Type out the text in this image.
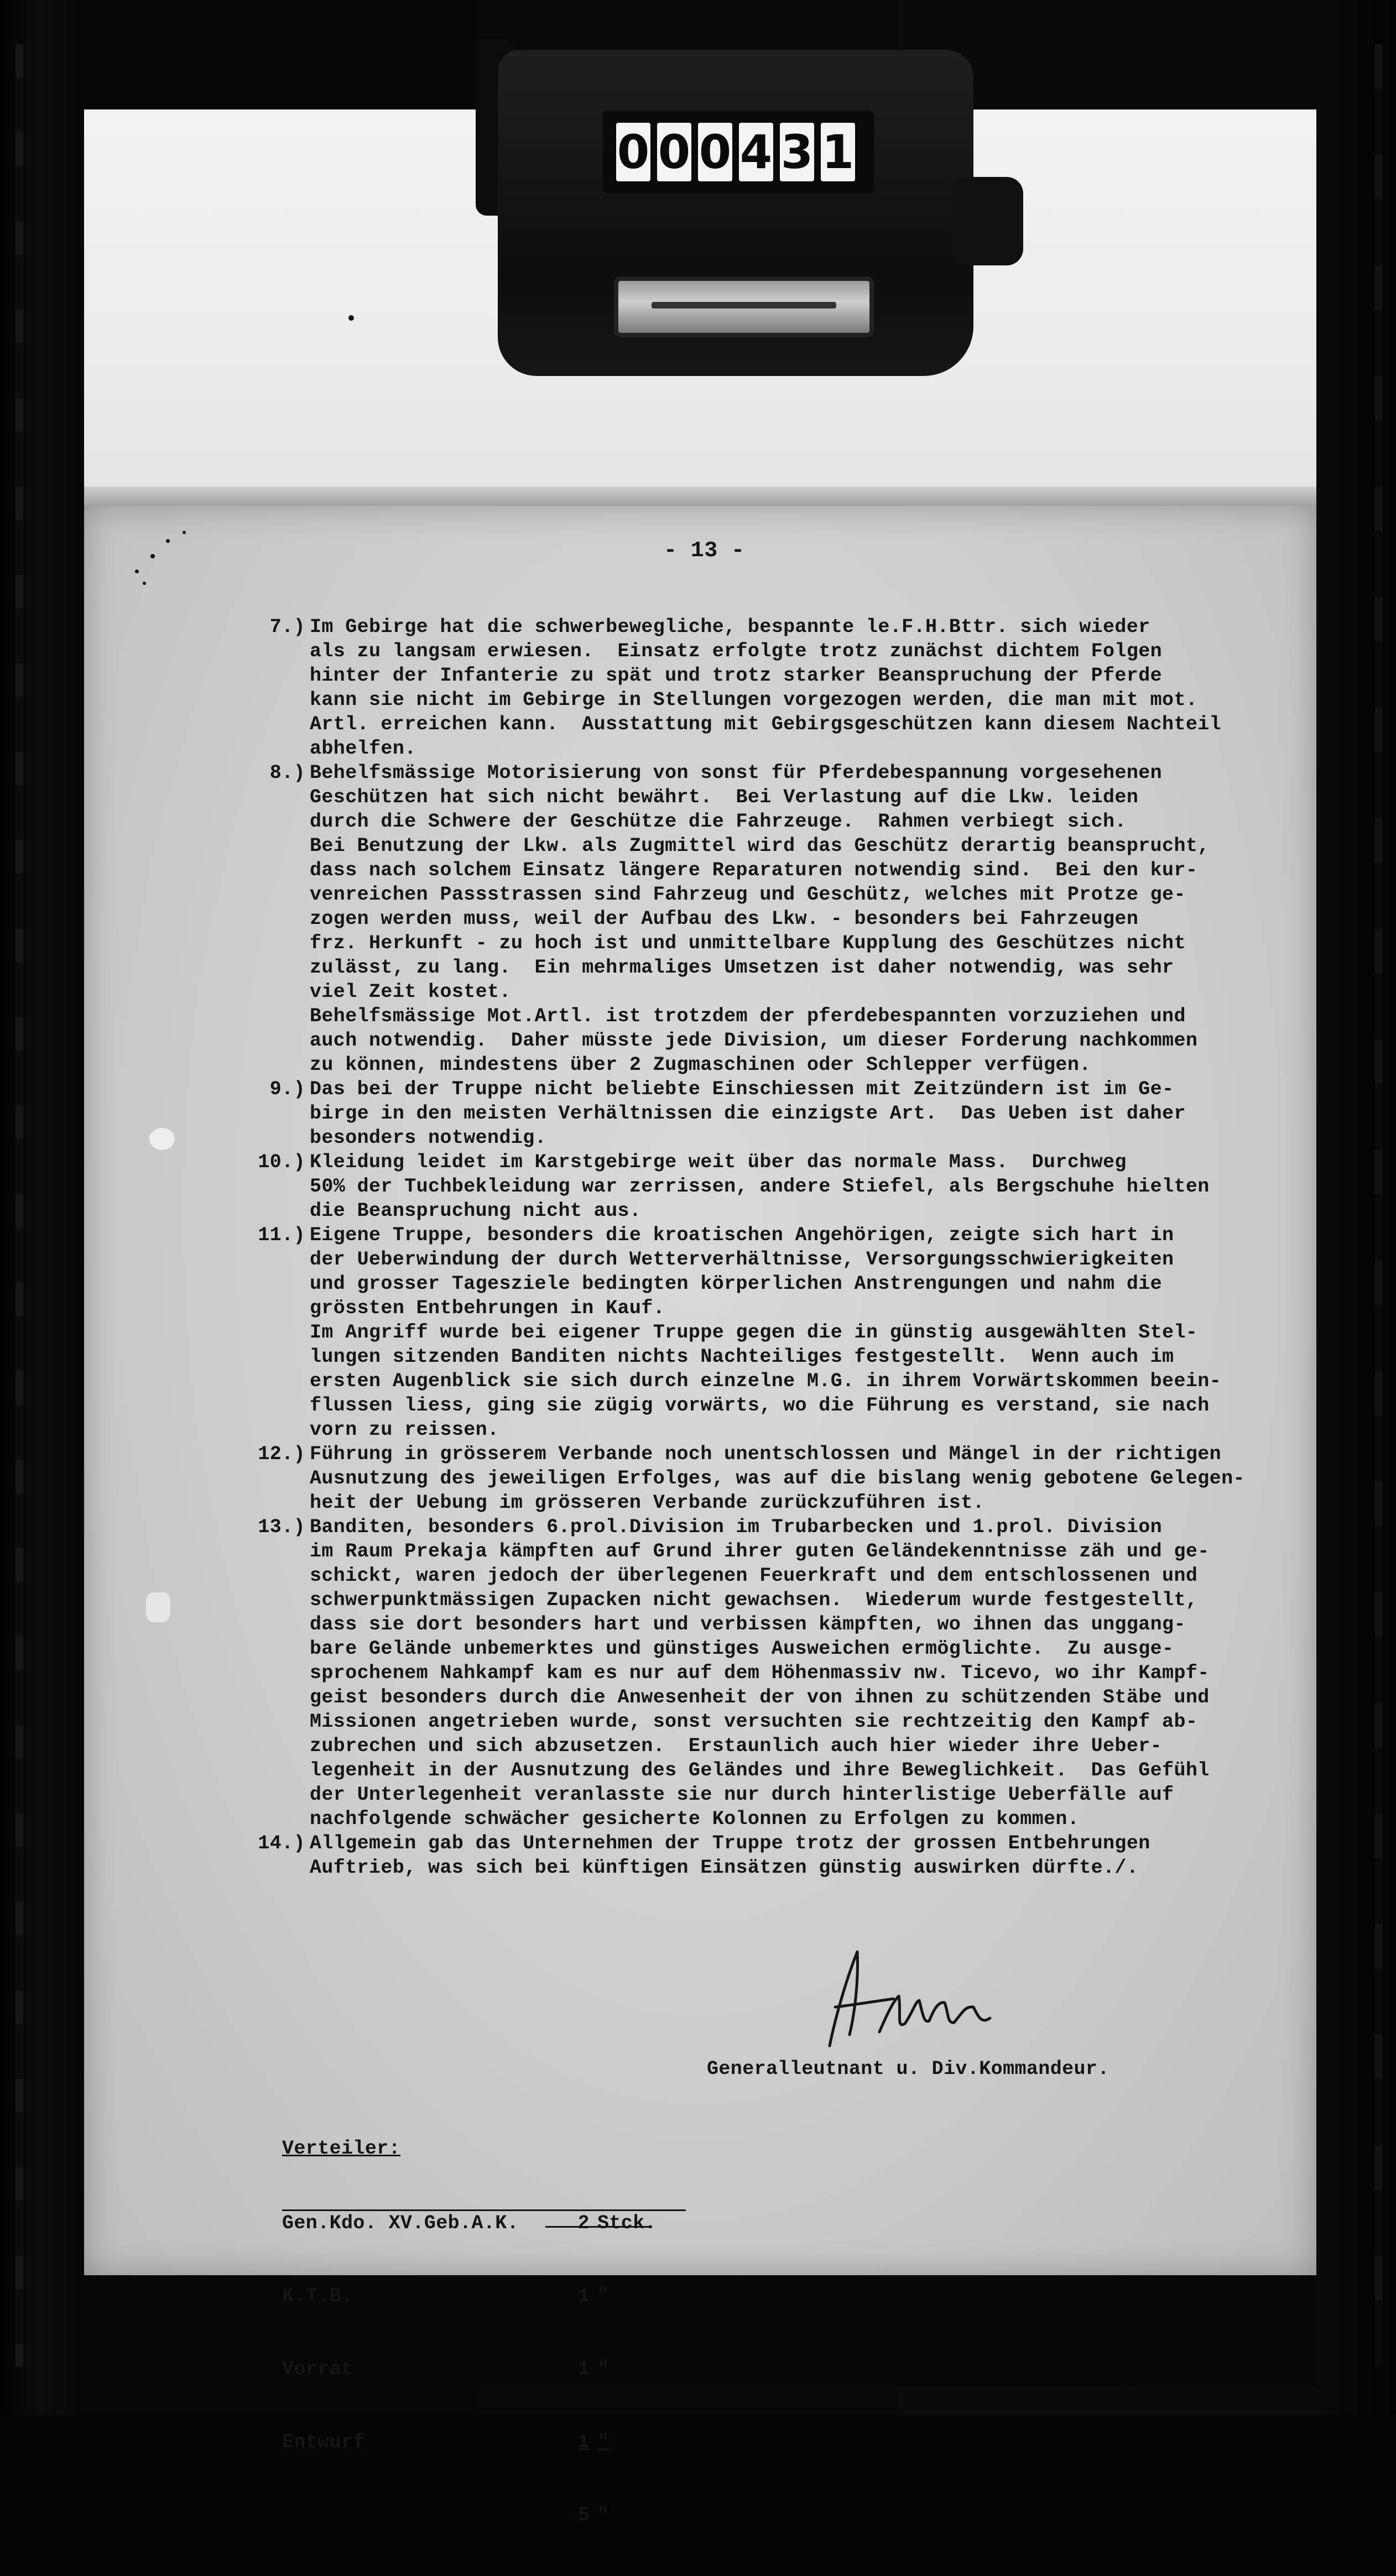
0 0 0 4 3 1
- 13 -
7.) Im Gebirge hat die schwerbewegliche, bespannte le.F.H.Bttr. sich wieder
als zu langsam erwiesen.  Einsatz erfolgte trotz zunächst dichtem Folgen
hinter der Infanterie zu spät und trotz starker Beanspruchung der Pferde
kann sie nicht im Gebirge in Stellungen vorgezogen werden, die man mit mot.
Artl. erreichen kann.  Ausstattung mit Gebirgsgeschützen kann diesem Nachteil
abhelfen.
8.) Behelfsmässige Motorisierung von sonst für Pferdebespannung vorgesehenen
Geschützen hat sich nicht bewährt.  Bei Verlastung auf die Lkw. leiden
durch die Schwere der Geschütze die Fahrzeuge.  Rahmen verbiegt sich.
Bei Benutzung der Lkw. als Zugmittel wird das Geschütz derartig beansprucht,
dass nach solchem Einsatz längere Reparaturen notwendig sind.  Bei den kur-
venreichen Passstrassen sind Fahrzeug und Geschütz, welches mit Protze ge-
zogen werden muss, weil der Aufbau des Lkw. - besonders bei Fahrzeugen
frz. Herkunft - zu hoch ist und unmittelbare Kupplung des Geschützes nicht
zulässt, zu lang.  Ein mehrmaliges Umsetzen ist daher notwendig, was sehr
viel Zeit kostet.
Behelfsmässige Mot.Artl. ist trotzdem der pferdebespannten vorzuziehen und
auch notwendig.  Daher müsste jede Division, um dieser Forderung nachkommen
zu können, mindestens über 2 Zugmaschinen oder Schlepper verfügen.
9.) Das bei der Truppe nicht beliebte Einschiessen mit Zeitzündern ist im Ge-
birge in den meisten Verhältnissen die einzigste Art.  Das Ueben ist daher
besonders notwendig.
10.) Kleidung leidet im Karstgebirge weit über das normale Mass.  Durchweg
50% der Tuchbekleidung war zerrissen, andere Stiefel, als Bergschuhe hielten
die Beanspruchung nicht aus.
11.) Eigene Truppe, besonders die kroatischen Angehörigen, zeigte sich hart in
der Ueberwindung der durch Wetterverhältnisse, Versorgungsschwierigkeiten
und grosser Tagesziele bedingten körperlichen Anstrengungen und nahm die
grössten Entbehrungen in Kauf.
Im Angriff wurde bei eigener Truppe gegen die in günstig ausgewählten Stel-
lungen sitzenden Banditen nichts Nachteiliges festgestellt.  Wenn auch im
ersten Augenblick sie sich durch einzelne M.G. in ihrem Vorwärtskommen beein-
flussen liess, ging sie zügig vorwärts, wo die Führung es verstand, sie nach
vorn zu reissen.
12.) Führung in grösserem Verbande noch unentschlossen und Mängel in der richtigen
Ausnutzung des jeweiligen Erfolges, was auf die bislang wenig gebotene Gelegen-
heit der Uebung im grösseren Verbande zurückzuführen ist.
13.) Banditen, besonders 6.prol.Division im Trubarbecken und 1.prol. Division
im Raum Prekaja kämpften auf Grund ihrer guten Geländekenntnisse zäh und ge-
schickt, waren jedoch der überlegenen Feuerkraft und dem entschlossenen und
schwerpunktmässigen Zupacken nicht gewachsen.  Wiederum wurde festgestellt,
dass sie dort besonders hart und verbissen kämpften, wo ihnen das unggang-
bare Gelände unbemerktes und günstiges Ausweichen ermöglichte.  Zu ausge-
sprochenem Nahkampf kam es nur auf dem Höhenmassiv nw. Ticevo, wo ihr Kampf-
geist besonders durch die Anwesenheit der von ihnen zu schützenden Stäbe und
Missionen angetrieben wurde, sonst versuchten sie rechtzeitig den Kampf ab-
zubrechen und sich abzusetzen.  Erstaunlich auch hier wieder ihre Ueber-
legenheit in der Ausnutzung des Geländes und ihre Beweglichkeit.  Das Gefühl
der Unterlegenheit veranlasste sie nur durch hinterlistige Ueberfälle auf
nachfolgende schwächer gesicherte Kolonnen zu Erfolgen zu kommen.
14.) Allgemein gab das Unternehmen der Truppe trotz der grossen Entbehrungen
Auftrieb, was sich bei künftigen Einsätzen günstig auswirken dürfte./.
Generalleutnant u. Div.Kommandeur.

Verteiler:

Gen.Kdo. XV.Geb.A.K.	2 Stck.

K.T.B.	1 "

Vorrat	1 "

Entwurf	1 "

5 "
